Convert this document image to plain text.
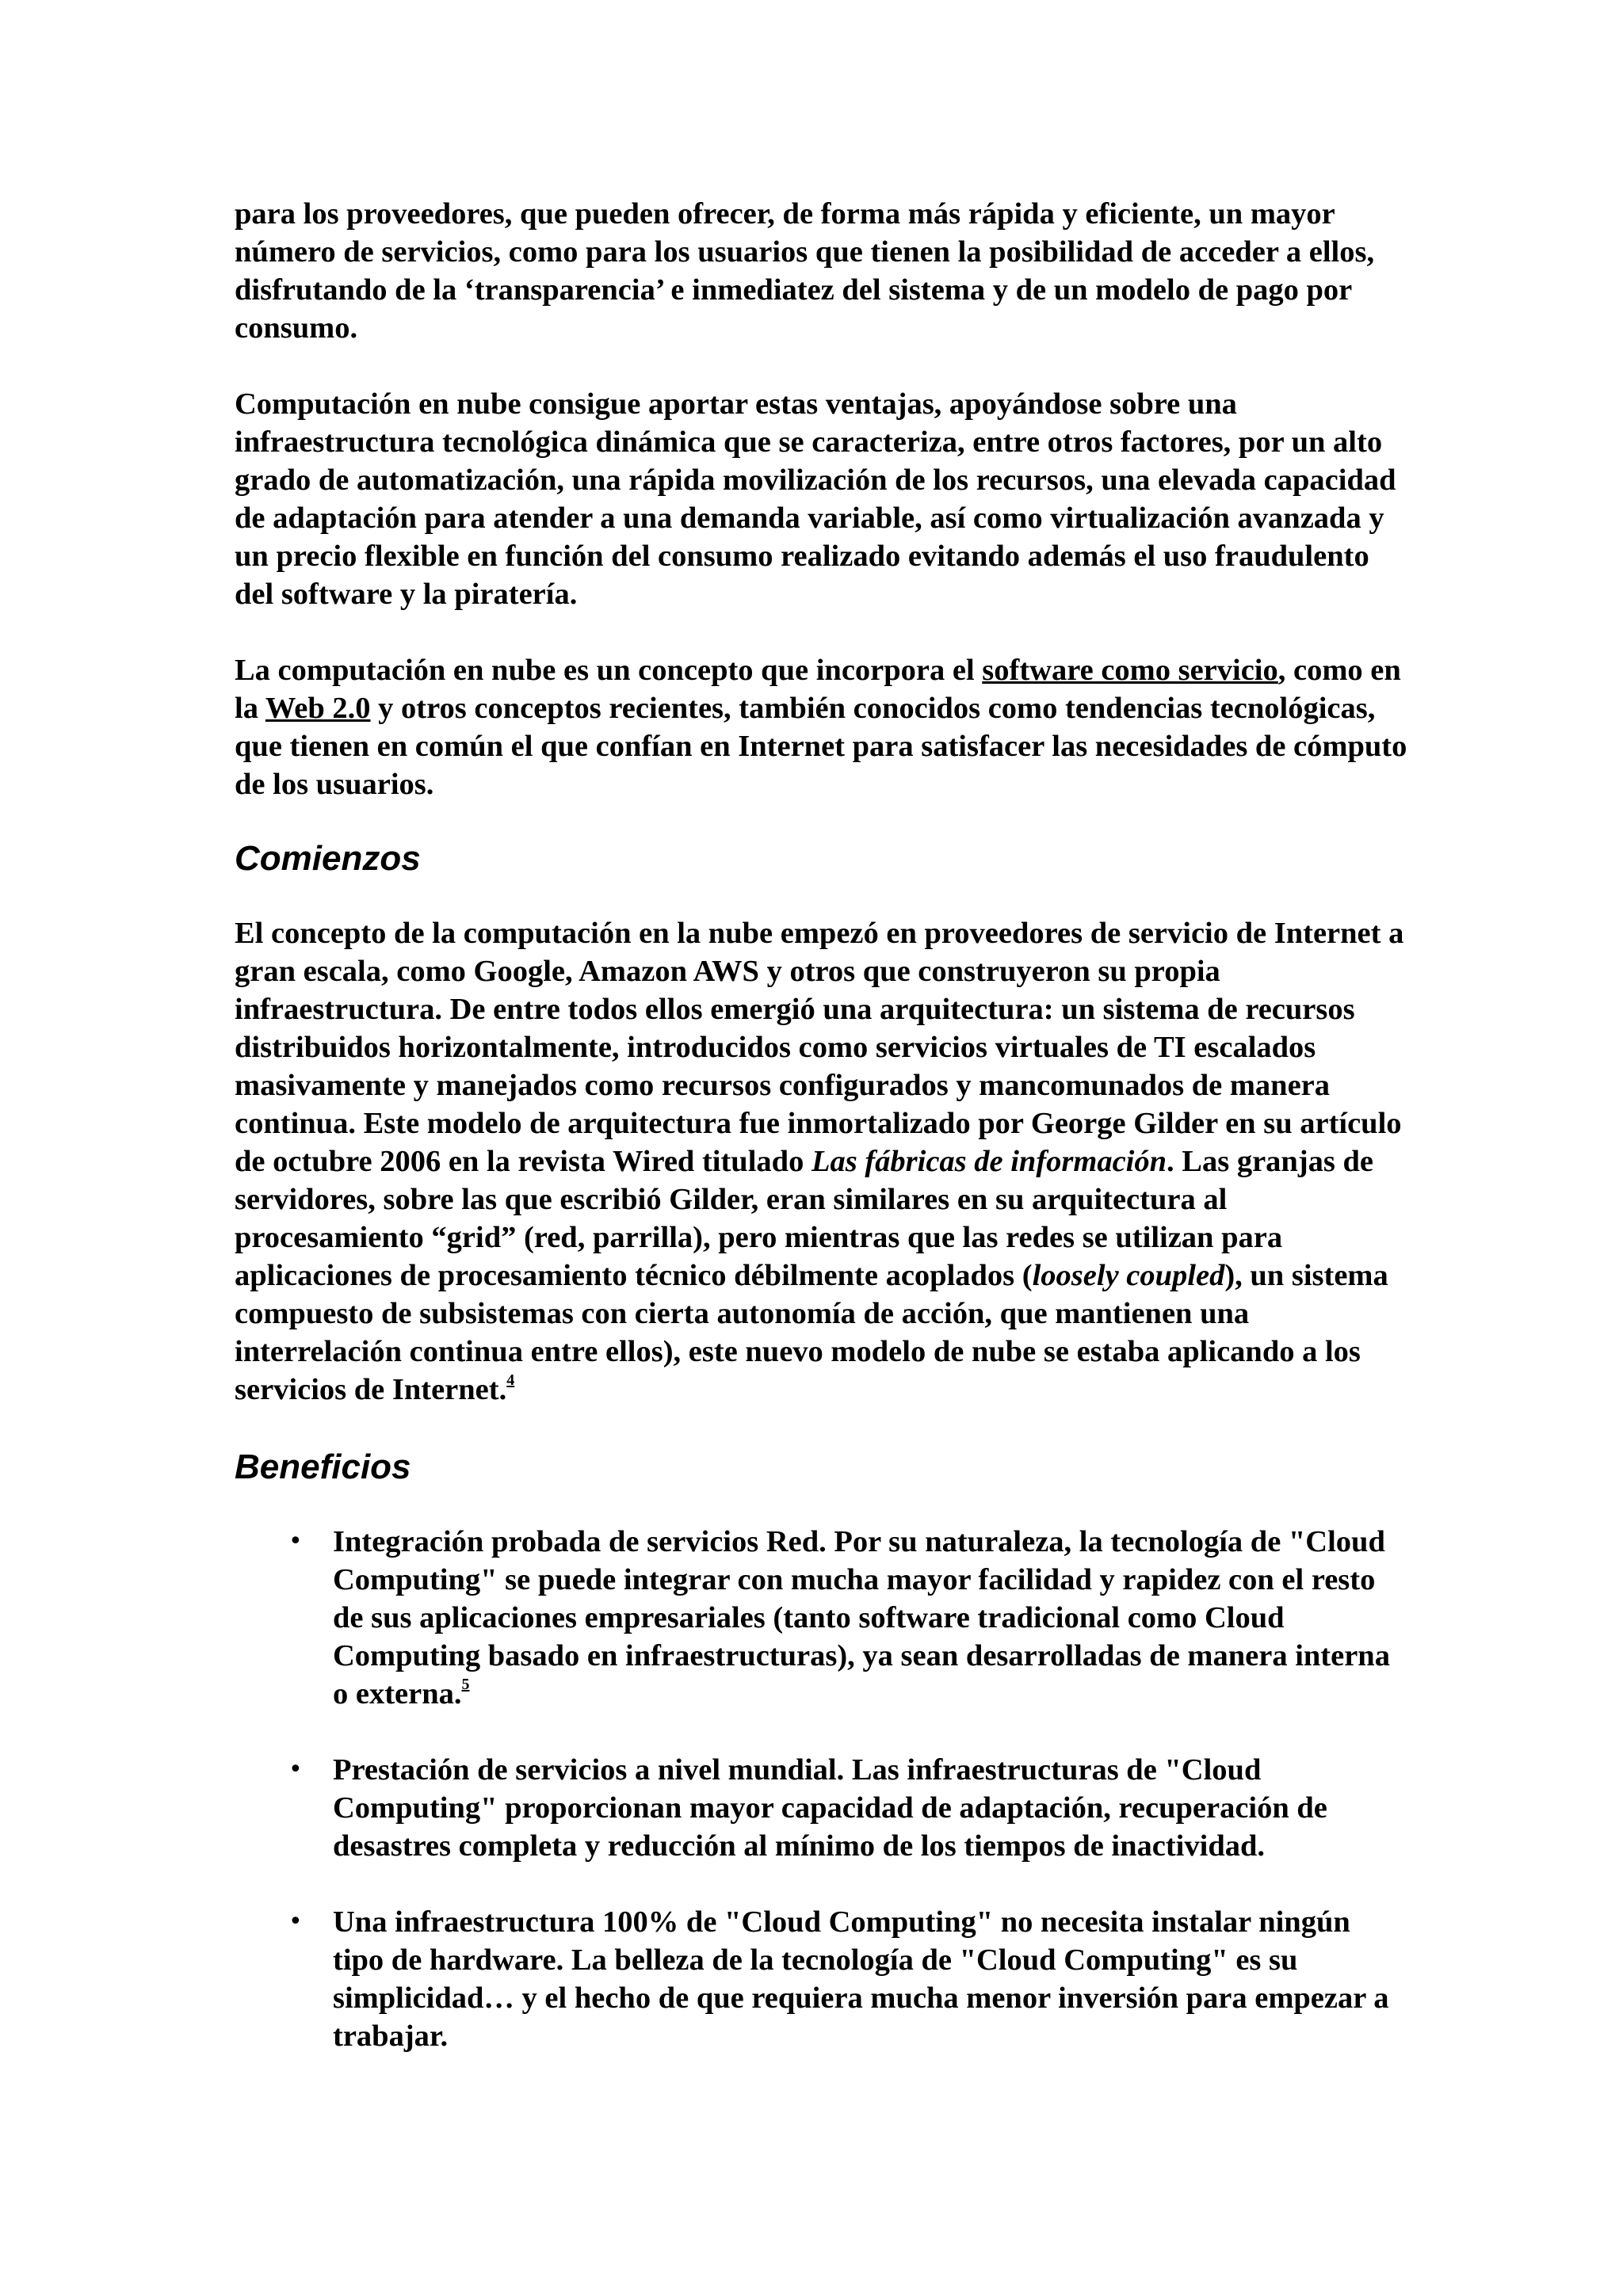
para los proveedores, que pueden ofrecer, de forma más rápida y eficiente, un mayor número de servicios, como para los usuarios que tienen la posibilidad de acceder a ellos, disfrutando de la ‘transparencia’ e inmediatez del sistema y de un modelo de pago por consumo.

Computación en nube consigue aportar estas ventajas, apoyándose sobre una infraestructura tecnológica dinámica que se caracteriza, entre otros factores, por un alto grado de automatización, una rápida movilización de los recursos, una elevada capacidad de adaptación para atender a una demanda variable, así como virtualización avanzada y un precio flexible en función del consumo realizado evitando además el uso fraudulento del software y la piratería.

La computación en nube es un concepto que incorpora el software como servicio, como en la Web 2.0 y otros conceptos recientes, también conocidos como tendencias tecnológicas, que tienen en común el que confían en Internet para satisfacer las necesidades de cómputo de los usuarios.

Comienzos

El concepto de la computación en la nube empezó en proveedores de servicio de Internet a gran escala, como Google, Amazon AWS y otros que construyeron su propia infraestructura. De entre todos ellos emergió una arquitectura: un sistema de recursos distribuidos horizontalmente, introducidos como servicios virtuales de TI escalados masivamente y manejados como recursos configurados y mancomunados de manera continua. Este modelo de arquitectura fue inmortalizado por George Gilder en su artículo de octubre 2006 en la revista Wired titulado Las fábricas de información. Las granjas de servidores, sobre las que escribió Gilder, eran similares en su arquitectura al procesamiento “grid” (red, parrilla), pero mientras que las redes se utilizan para aplicaciones de procesamiento técnico débilmente acoplados (loosely coupled), un sistema compuesto de subsistemas con cierta autonomía de acción, que mantienen una interrelación continua entre ellos), este nuevo modelo de nube se estaba aplicando a los servicios de Internet.$^4$

Beneficios
• Integración probada de servicios Red. Por su naturaleza, la tecnología de "Cloud Computing" se puede integrar con mucha mayor facilidad y rapidez con el resto de sus aplicaciones empresariales (tanto software tradicional como Cloud Computing basado en infraestructuras), ya sean desarrolladas de manera interna o externa.$^5$
• Prestación de servicios a nivel mundial. Las infraestructuras de "Cloud Computing" proporcionan mayor capacidad de adaptación, recuperación de desastres completa y reducción al mínimo de los tiempos de inactividad.
• Una infraestructura 100% de "Cloud Computing" no necesita instalar ningún tipo de hardware. La belleza de la tecnología de "Cloud Computing" es su simplicidad… y el hecho de que requiera mucha menor inversión para empezar a trabajar.
